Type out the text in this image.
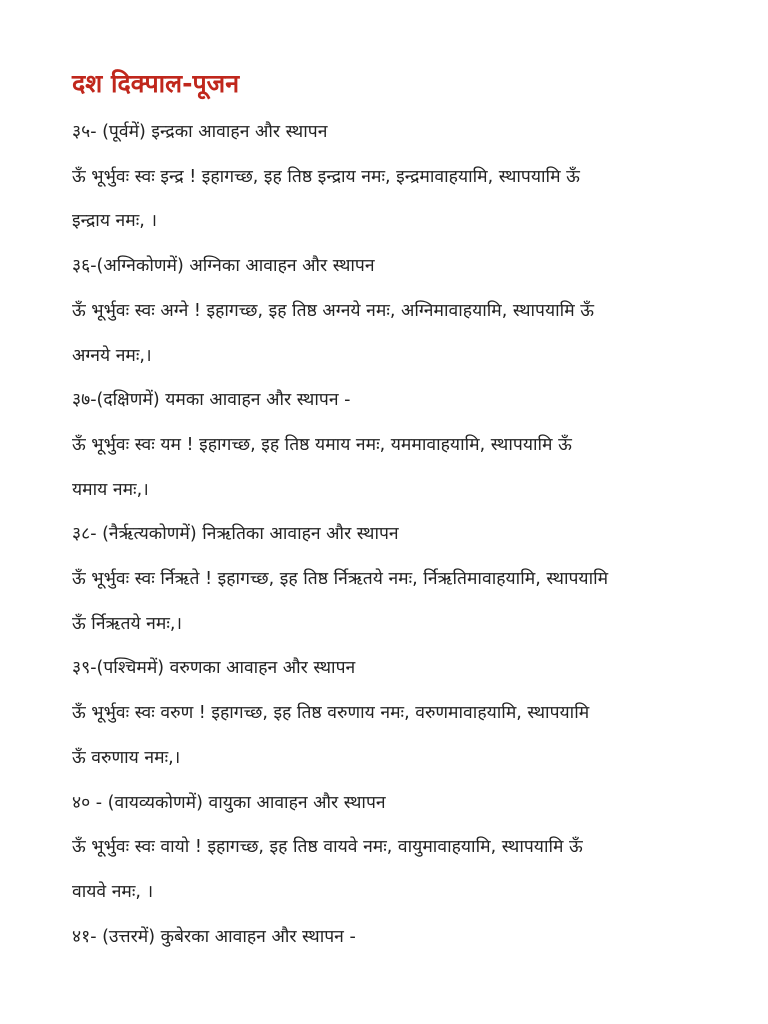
दश दिक्पाल-पूजन

३५- (पूर्वमें) इन्द्रका आवाहन और स्थापन

ऊँ भूर्भुवः स्वः इन्द्र ! इहागच्छ, इह तिष्ठ इन्द्राय नमः, इन्द्रमावाहयामि, स्थापयामि ऊँ

इन्द्राय नमः, ।

३६-(अग्निकोणमें) अग्निका आवाहन और स्थापन

ऊँ भूर्भुवः स्वः अग्ने ! इहागच्छ, इह तिष्ठ अग्नये नमः, अग्निमावाहयामि, स्थापयामि ऊँ

अग्नये नमः,।

३७-(दक्षिणमें) यमका आवाहन और स्थापन -

ऊँ भूर्भुवः स्वः यम ! इहागच्छ, इह तिष्ठ यमाय नमः, यममावाहयामि, स्थापयामि ऊँ

यमाय नमः,।

३८- (नैर्ऋत्यकोणमें) निऋतिका आवाहन और स्थापन

ऊँ भूर्भुवः स्वः र्निऋते ! इहागच्छ, इह तिष्ठ र्निऋतये नमः, र्निऋतिमावाहयामि, स्थापयामि

ऊँ र्निऋतये नमः,।

३९-(पश्चिममें) वरुणका आवाहन और स्थापन

ऊँ भूर्भुवः स्वः वरुण ! इहागच्छ, इह तिष्ठ वरुणाय नमः, वरुणमावाहयामि, स्थापयामि

ऊँ वरुणाय नमः,।

४० - (वायव्यकोणमें) वायुका आवाहन और स्थापन

ऊँ भूर्भुवः स्वः वायो ! इहागच्छ, इह तिष्ठ वायवे नमः, वायुमावाहयामि, स्थापयामि ऊँ

वायवे नमः, ।

४१- (उत्तरमें) कुबेरका आवाहन और स्थापन -
